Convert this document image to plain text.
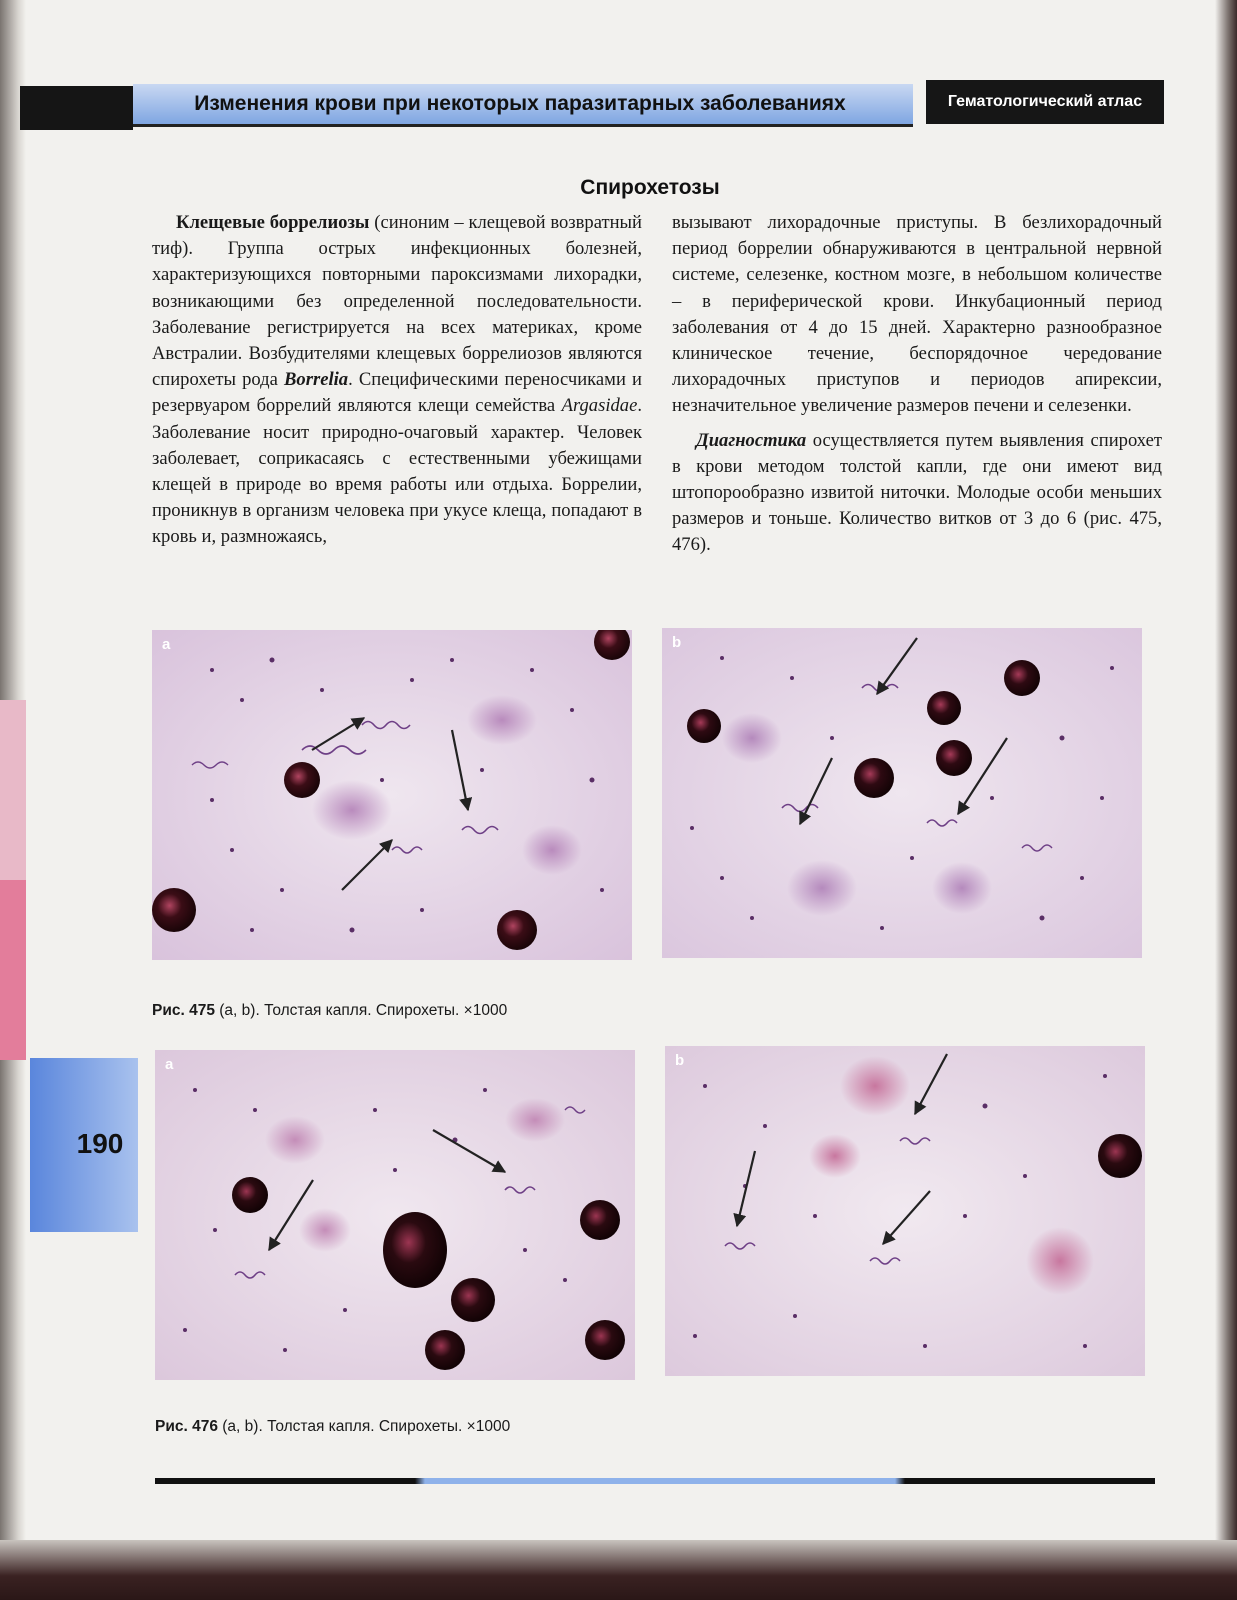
Изменения крови при некоторых паразитарных заболеваниях	Гематологический атлас
Спирохетозы

Клещевые боррелиозы (синоним – клещевой возвратный тиф). Группа острых инфекционных болезней, характеризующихся повторными пароксизмами лихорадки, возникающими без определенной последовательности. Заболевание регистрируется на всех материках, кроме Австралии. Возбудителями клещевых боррелиозов являются спирохеты рода Borrelia. Специфическими переносчиками и резервуаром боррелий являются клещи семейства Argasidae. Заболевание носит природно-очаговый характер. Человек заболевает, соприкасаясь с естественными убежищами клещей в природе во время работы или отдыха. Боррелии, проникнув в организм человека при укусе клеща, попадают в кровь и, размножаясь,

вызывают лихорадочные приступы. В безлихорадочный период боррелии обнаруживаются в центральной нервной системе, селезенке, костном мозге, в небольшом количестве – в периферической крови. Инкубационный период заболевания от 4 до 15 дней. Характерно разнообразное клиническое течение, беспорядочное чередование лихорадочных приступов и периодов апирексии, незначительное увеличение размеров печени и селезенки.

Диагностика осуществляется путем выявления спирохет в крови методом толстой капли, где они имеют вид штопорообразно извитой ниточки. Молодые особи меньших размеров и тоньше. Количество витков от 3 до 6 (рис. 475, 476).

a	b
Рис. 475 (a, b). Толстая капля. Спирохеты. ×1000
a	b
Рис. 476 (a, b). Толстая капля. Спирохеты. ×1000
190
